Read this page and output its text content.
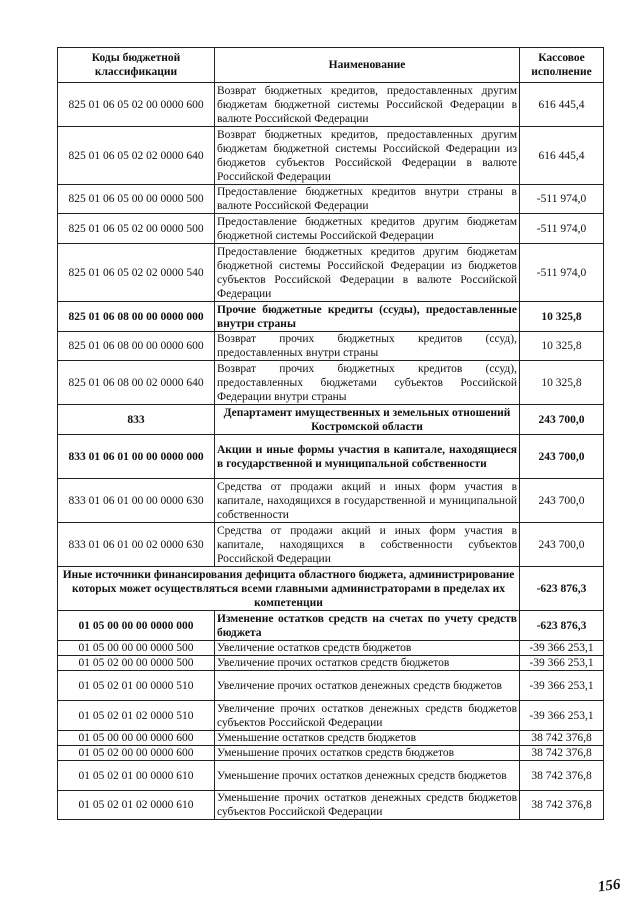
Коды бюджетной классификации	Наименование	Кассовое исполнение
825 01 06 05 02 00 0000 600	Возврат бюджетных кредитов, предоставленных другим бюджетам бюджетной системы Российской Федерации в валюте Российской Федерации	616 445,4
825 01 06 05 02 02 0000 640	Возврат бюджетных кредитов, предоставленных другим бюджетам бюджетной системы Российской Федерации из бюджетов субъектов Российской Федерации в валюте Российской Федерации	616 445,4
825 01 06 05 00 00 0000 500	Предоставление бюджетных кредитов внутри страны в валюте Российской Федерации	-511 974,0
825 01 06 05 02 00 0000 500	Предоставление бюджетных кредитов другим бюджетам бюджетной системы Российской Федерации	-511 974,0
825 01 06 05 02 02 0000 540	Предоставление бюджетных кредитов другим бюджетам бюджетной системы Российской Федерации из бюджетов субъектов Российской Федерации в валюте Российской Федерации	-511 974,0
825 01 06 08 00 00 0000 000	Прочие бюджетные кредиты (ссуды), предоставленные внутри страны	10 325,8
825 01 06 08 00 00 0000 600	Возврат прочих бюджетных кредитов (ссуд), предоставленных внутри страны	10 325,8
825 01 06 08 00 02 0000 640	Возврат прочих бюджетных кредитов (ссуд), предоставленных бюджетами субъектов Российской Федерации внутри страны	10 325,8
833	Департамент имущественных и земельных отношений Костромской области	243 700,0
833 01 06 01 00 00 0000 000	Акции и иные формы участия в капитале, находящиеся в государственной и муниципальной собственности	243 700,0
833 01 06 01 00 00 0000 630	Средства от продажи акций и иных форм участия в капитале, находящихся в государственной и муниципальной собственности	243 700,0
833 01 06 01 00 02 0000 630	Средства от продажи акций и иных форм участия в капитале, находящихся в собственности субъектов Российской Федерации	243 700,0
Иные источники финансирования дефицита областного бюджета, администрирование которых может осуществляться всеми главными администраторами в пределах их компетенции		-623 876,3
01 05 00 00 00 0000 000	Изменение остатков средств на счетах по учету средств бюджета	-623 876,3
01 05 00 00 00 0000 500	Увеличение остатков средств бюджетов	-39 366 253,1
01 05 02 00 00 0000 500	Увеличение прочих остатков средств бюджетов	-39 366 253,1
01 05 02 01 00 0000 510	Увеличение прочих остатков денежных средств бюджетов	-39 366 253,1
01 05 02 01 02 0000 510	Увеличение прочих остатков денежных средств бюджетов субъектов Российской Федерации	-39 366 253,1
01 05 00 00 00 0000 600	Уменьшение остатков средств бюджетов	38 742 376,8
01 05 02 00 00 0000 600	Уменьшение прочих остатков средств бюджетов	38 742 376,8
01 05 02 01 00 0000 610	Уменьшение прочих остатков денежных средств бюджетов	38 742 376,8
01 05 02 01 02 0000 610	Уменьшение прочих остатков денежных средств бюджетов субъектов Российской Федерации	38 742 376,8
156
